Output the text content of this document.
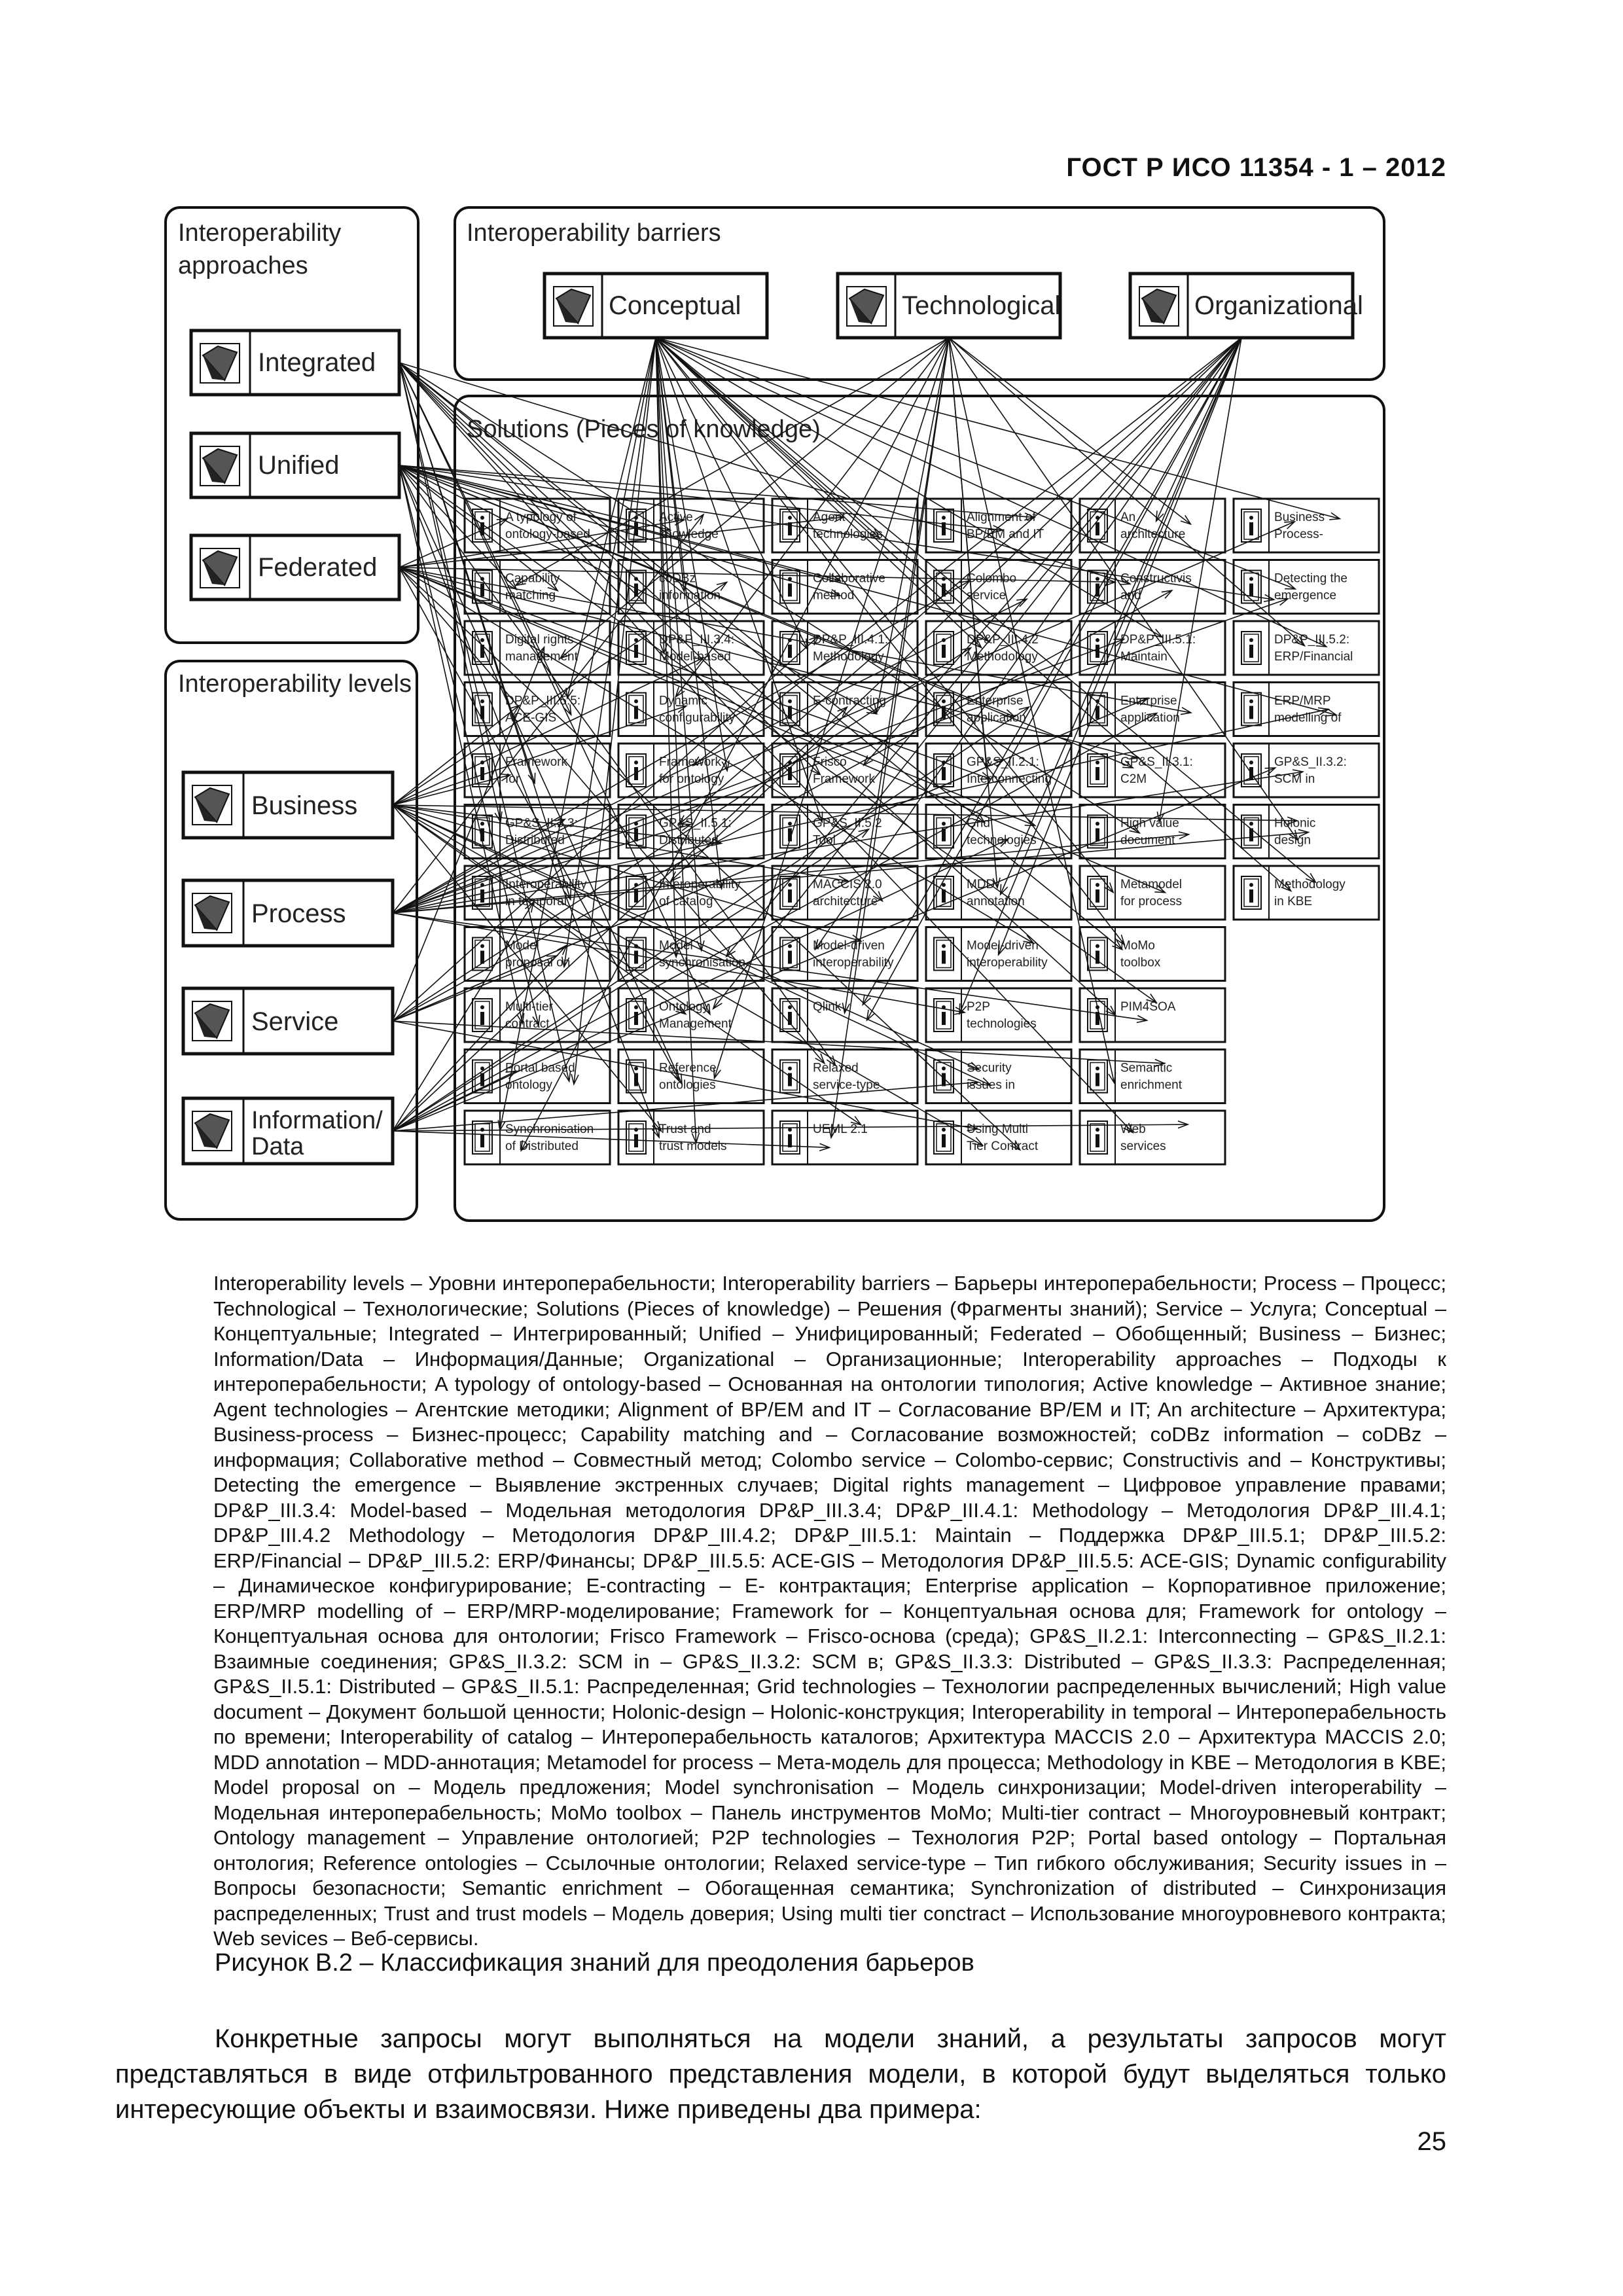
ГОСТ Р ИСО 11354 - 1 – 2012
Interoperability
approaches
Interoperability barriers
Interoperability levels
Solutions (Pieces of knowledge)
Integrated
Unified
Federated
Conceptual	Technological	Organizational
Business
Process
Service
Information/
Data
A typology of
ontology-based
Active
knowledge
Agent
technologies
Alignment of
BP/EM and IT
An
architecture
Business
Process-
Capability
matching
coDBz
information
Collaborative
method
Colombo
service
Constructivis
and
Detecting the
emergence
Digital rights
management
DP&P_III.3.4:
Model-based
DP&P_III.4.1:
Methodology
DP&P_III.4.2
Methodology
DP&P_III.5.1:
Maintain
DP&P_III.5.2:
ERP/Financial
DP&P_III.5.5:
ACE-GIS
Dynamic
configurability
E-contracting	Enterprise
application
Enterprise
application
ERP/MRP
modelling of
Framework
for
Framework
for ontology
Frisco
Framework
GP&S_II.2.1:
Interconnecting
GP&S_II.3.1:
C2M
GP&S_II.3.2:
SCM in
GP&S_II.3.3:
Distributed
GP&S_II.5.1:
Distributed
GP&S_II.5.2
Tool
Grid
technologies
High value
document
Holonic
design
Interoperability
in temporal
Interoperability
of catalog
MACCIS 2.0
architecture
MDD
annotation
Metamodel
for process
Methodology
in KBE
Model
proposal on
Model
synchronisation
Model-driven
interoperability
Model-driven
interoperability
MoMo
toolbox
Multi-tier
contract
Ontology
Management
Qlink	P2P
technologies
PIM4SOA
Portal based
ontology
Reference
ontologies
Relaxed
service-type
Security
issues in
Semantic
enrichment
Synchronisation
of Distributed
Trust and
trust models
UEML 2.1	Using Multi
Tier Contract
Web
services
Interoperability levels – Уровни интероперабельности; Interoperability barriers – Барьеры интероперабельности; Process – Процесс; Technological – Технологические; Solutions (Pieces of knowledge) – Решения (Фрагменты знаний); Service – Услуга; Conceptual – Концептуальные; Integrated – Интегрированный; Unified – Унифицированный; Federated – Обобщенный; Business – Бизнес; Information/Data – Информация/Данные; Organizational – Организационные; Interoperability approaches – Подходы к интероперабельности; A typology of ontology-based – Основанная на онтологии типология; Active knowledge – Активное знание; Agent technologies – Агентские методики; Alignment of BP/EM and IT – Согласование BP/EM и IT; An architecture – Архитектура; Business-process – Бизнес-процесс; Capability matching and – Согласование возможностей; coDBz information – coDBz – информация; Collaborative method – Совместный метод; Colombo service – Colombo-сервис; Constructivis and – Конструктивы; Detecting the emergence – Выявление экстренных случаев; Digital rights management – Цифровое управление правами; DP&P_III.3.4: Model-based – Модельная методология DP&P_III.3.4; DP&P_III.4.1: Methodology – Методология DP&P_III.4.1; DP&P_III.4.2 Methodology – Методология DP&P_III.4.2; DP&P_III.5.1: Maintain – Поддержка DP&P_III.5.1; DP&P_III.5.2: ERP/Financial – DP&P_III.5.2: ERP/Финансы; DP&P_III.5.5: ACE-GIS – Методология DP&P_III.5.5: ACE-GIS; Dynamic configurability – Динамическое конфигурирование; E-contracting – E- контрактация; Enterprise application – Корпоративное приложение; ERP/MRP modelling of – ERP/MRP-моделирование; Framework for – Концептуальная основа для; Framework for ontology – Концептуальная основа для онтологии; Frisco Framework – Frisco-основа (среда); GP&S_II.2.1: Interconnecting – GP&S_II.2.1: Взаимные соединения; GP&S_II.3.2: SCM in – GP&S_II.3.2: SCM в; GP&S_II.3.3: Distributed – GP&S_II.3.3: Распределенная; GP&S_II.5.1: Distributed – GP&S_II.5.1: Распределенная; Grid technologies – Технологии распределенных вычислений; High value document – Документ большой ценности; Holonic-design – Holonic-конструкция; Interoperability in temporal – Интероперабельность по времени; Interoperability of catalog – Интероперабельность каталогов; Архитектура MACCIS 2.0 – Архитектура MACCIS 2.0; MDD annotation – MDD-аннотация; Metamodel for process – Мета-модель для процесса; Methodology in KBE – Методология в KBE; Model proposal on – Модель предложения; Model synchronisation – Модель синхронизации; Model-driven interoperability – Модельная интероперабельность; MoMo toolbox – Панель инструментов MoMo; Multi-tier contract – Многоуровневый контракт; Ontology management – Управление онтологией; P2P technologies – Технология P2P; Portal based ontology – Портальная онтология; Reference ontologies – Ссылочные онтологии; Relaxed service-type – Тип гибкого обслуживания; Security issues in – Вопросы безопасности; Semantic enrichment – Обогащенная семантика; Synchronization of distributed – Синхронизация распределенных; Trust and trust models – Модель доверия; Using multi tier conctract – Использование многоуровневого контракта; Web sevices – Веб-сервисы.
Рисунок В.2 – Классификация знаний для преодоления барьеров

Конкретные запросы могут выполняться на модели знаний, а результаты запросов могут представляться в виде отфильтрованного представления модели, в которой будут выделяться только интересующие объекты и взаимосвязи. Ниже приведены два примера:

25
